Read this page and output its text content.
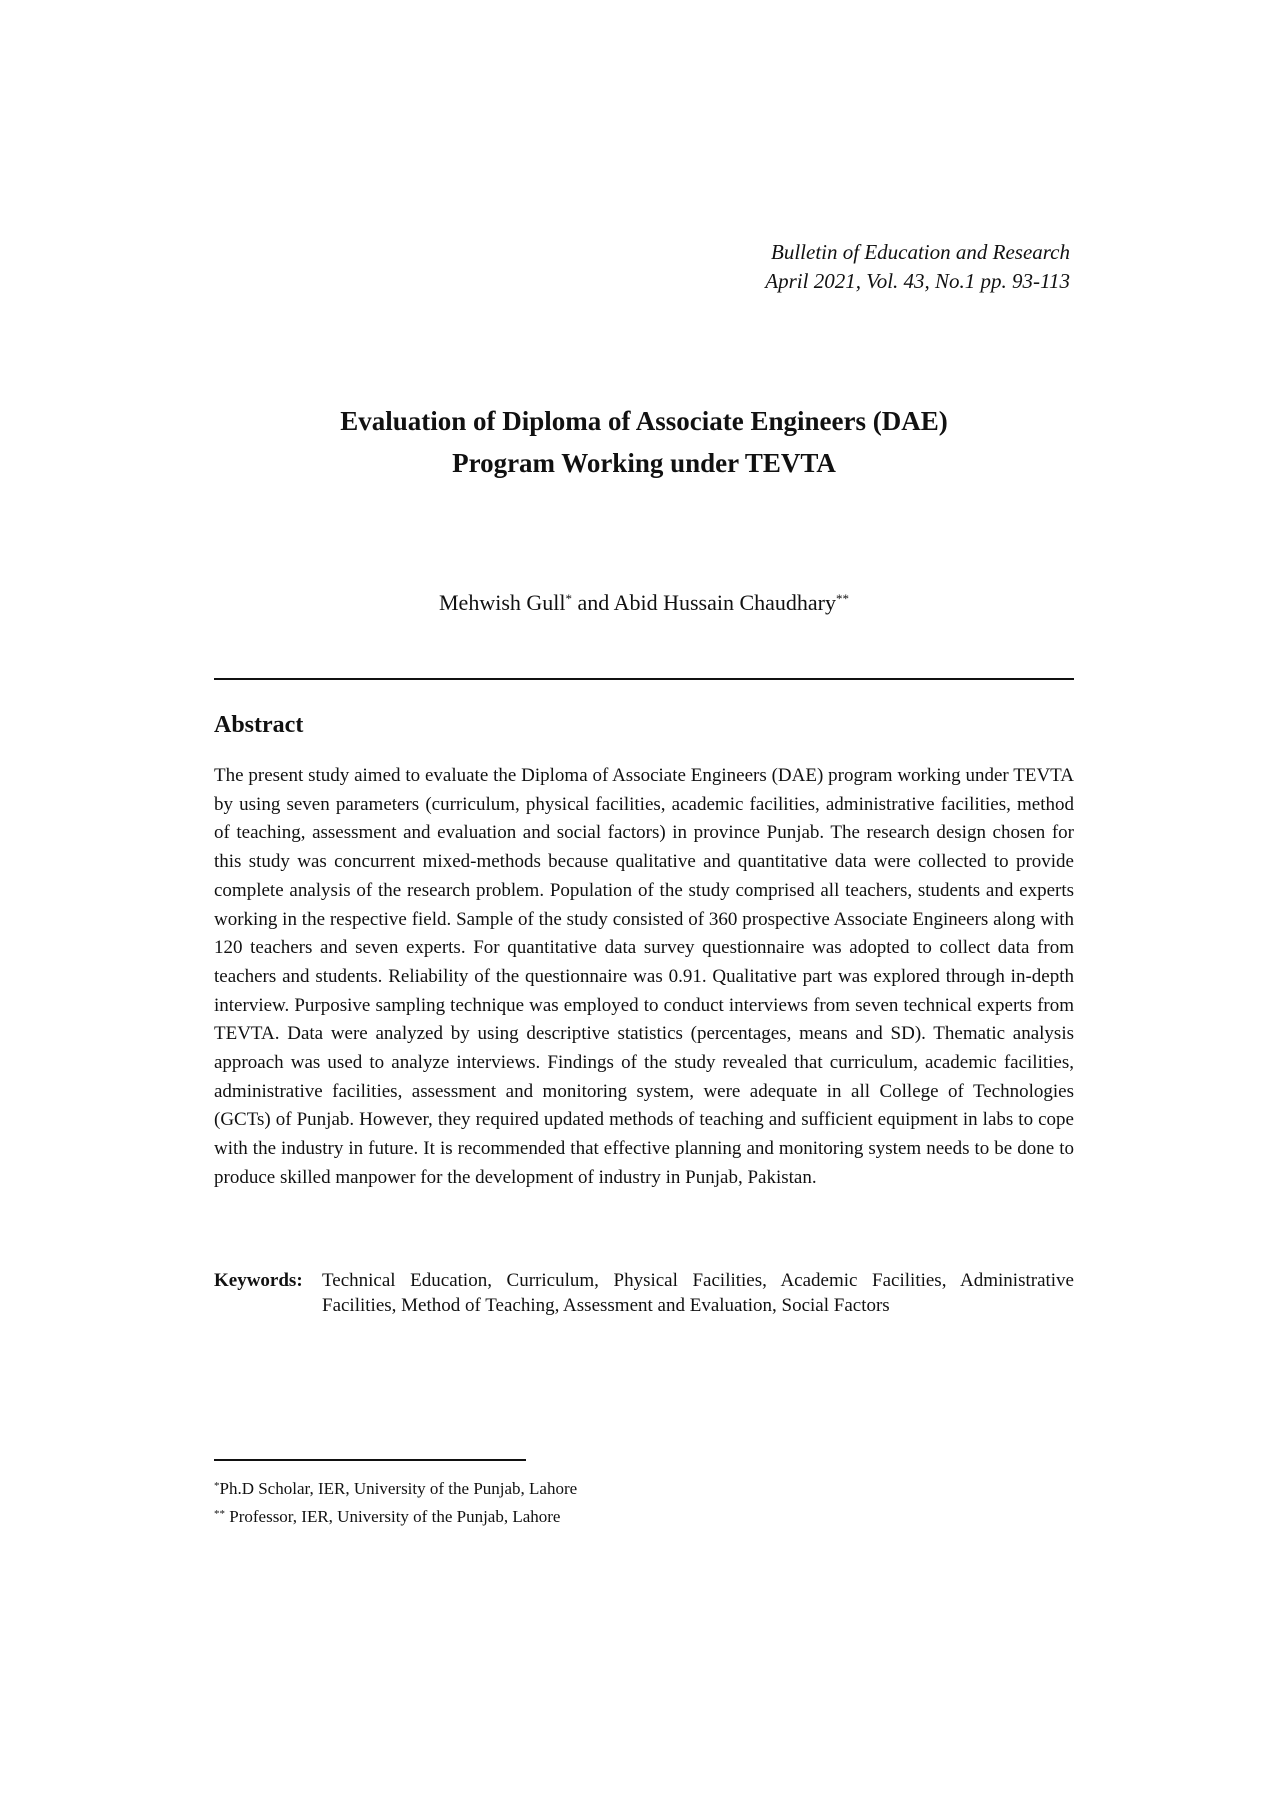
Bulletin of Education and Research
April 2021, Vol. 43, No.1 pp. 93-113
Evaluation of Diploma of Associate Engineers (DAE)
Program Working under TEVTA
Mehwish Gull* and Abid Hussain Chaudhary**
Abstract
The present study aimed to evaluate the Diploma of Associate Engineers (DAE) program working under TEVTA by using seven parameters (curriculum, physical facilities, academic facilities, administrative facilities, method of teaching, assessment and evaluation and social factors) in province Punjab. The research design chosen for this study was concurrent mixed-methods because qualitative and quantitative data were collected to provide complete analysis of the research problem. Population of the study comprised all teachers, students and experts working in the respective field. Sample of the study consisted of 360 prospective Associate Engineers along with 120 teachers and seven experts. For quantitative data survey questionnaire was adopted to collect data from teachers and students. Reliability of the questionnaire was 0.91. Qualitative part was explored through in-depth interview. Purposive sampling technique was employed to conduct interviews from seven technical experts from TEVTA. Data were analyzed by using descriptive statistics (percentages, means and SD). Thematic analysis approach was used to analyze interviews. Findings of the study revealed that curriculum, academic facilities, administrative facilities, assessment and monitoring system, were adequate in all College of Technologies (GCTs) of Punjab. However, they required updated methods of teaching and sufficient equipment in labs to cope with the industry in future. It is recommended that effective planning and monitoring system needs to be done to produce skilled manpower for the development of industry in Punjab, Pakistan.
Keywords:	Technical Education, Curriculum, Physical Facilities, Academic Facilities, Administrative Facilities, Method of Teaching, Assessment and Evaluation, Social Factors
*Ph.D Scholar, IER, University of the Punjab, Lahore
** Professor, IER, University of the Punjab, Lahore
